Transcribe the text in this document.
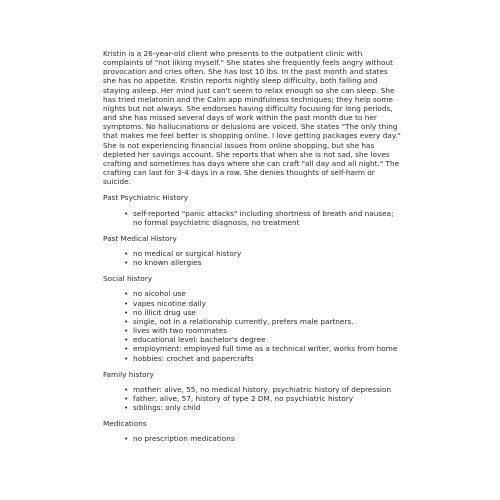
Kristin is a 26-year-old client who presents to the outpatient clinic with complaints of "not liking myself." She states she frequently feels angry without provocation and cries often. She has lost 10 lbs. In the past month and states she has no appetite. Kristin reports nightly sleep difficulty, both falling and staying asleep. Her mind just can't seem to relax enough so she can sleep. She has tried melatonin and the Calm app mindfulness techniques; they help some nights but not always. She endorses having difficulty focusing for long periods, and she has missed several days of work within the past month due to her symptoms. No hallucinations or delusions are voiced. She states "The only thing that makes me feel better is shopping online. I love getting packages every day." She is not experiencing financial issues from online shopping, but she has depleted her savings account. She reports that when she is not sad, she loves crafting and sometimes has days where she can craft "all day and all night." The crafting can last for 3-4 days in a row. She denies thoughts of self-harm or suicide.

Past Psychiatric History

• self-reported "panic attacks" including shortness of breath and nausea; no formal psychiatric diagnosis, no treatment

Past Medical History

• no medical or surgical history
• no known allergies

Social history

• no alcohol use
• vapes nicotine daily
• no illicit drug use
• single, not in a relationship currently, prefers male partners.
• lives with two roommates
• educational level: bachelor's degree
• employment: employed full time as a technical writer, works from home
• hobbies: crochet and papercrafts

Family history

• mother: alive, 55, no medical history, psychiatric history of depression
• father: alive, 57, history of type 2 DM, no psychiatric history
• siblings: only child

Medications

• no prescription medications
